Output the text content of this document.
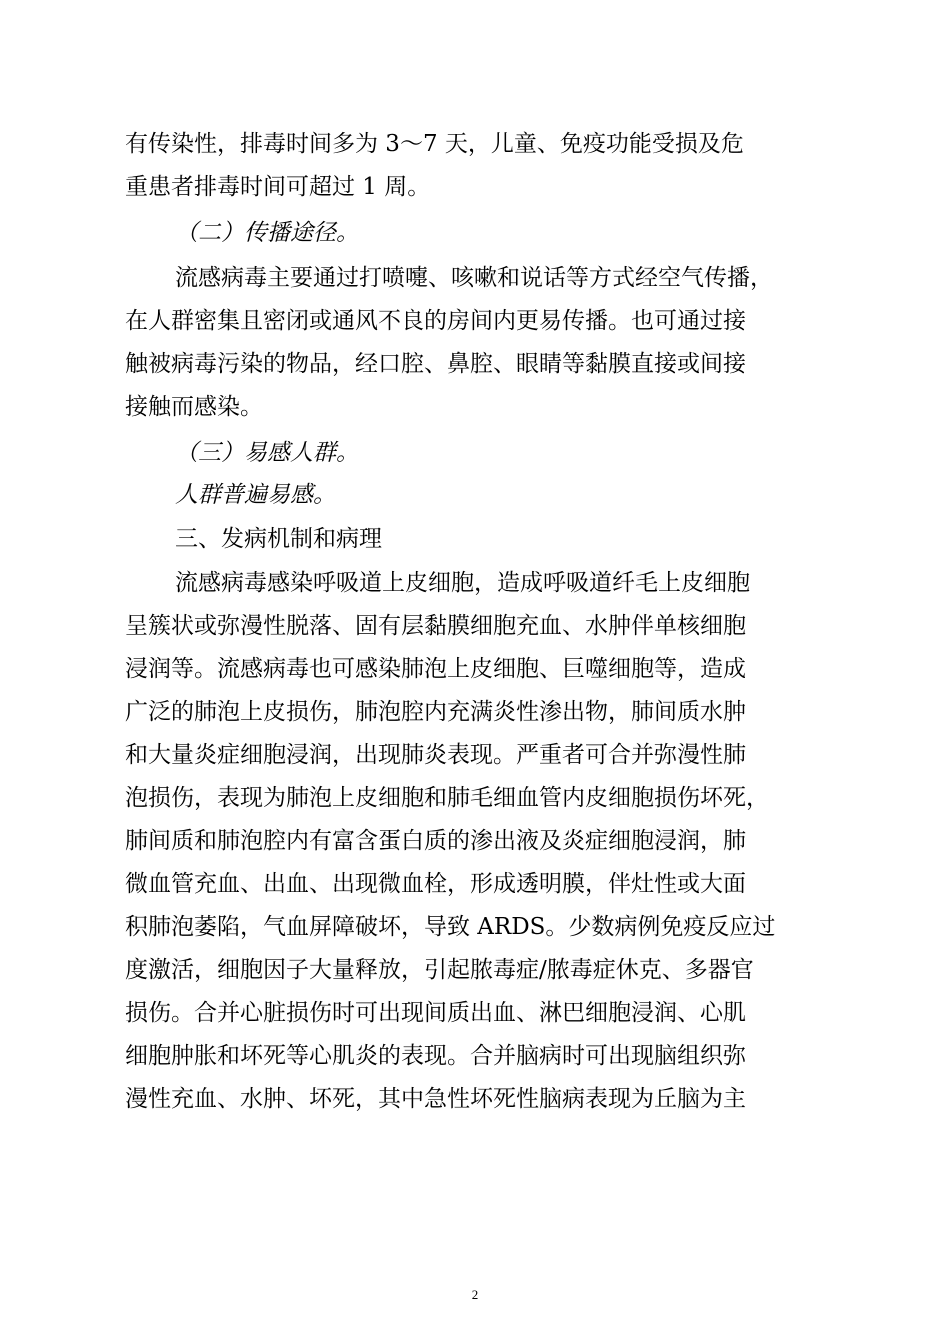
有传染性，排毒时间多为 3～7 天，儿童、免疫功能受损及危
重患者排毒时间可超过 1 周。
（二）传播途径。
流感病毒主要通过打喷嚏、咳嗽和说话等方式经空气传播，
在人群密集且密闭或通风不良的房间内更易传播。也可通过接
触被病毒污染的物品，经口腔、鼻腔、眼睛等黏膜直接或间接
接触而感染。
（三）易感人群。
人群普遍易感。
三、发病机制和病理
流感病毒感染呼吸道上皮细胞，造成呼吸道纤毛上皮细胞
呈簇状或弥漫性脱落、固有层黏膜细胞充血、水肿伴单核细胞
浸润等。流感病毒也可感染肺泡上皮细胞、巨噬细胞等，造成
广泛的肺泡上皮损伤，肺泡腔内充满炎性渗出物，肺间质水肿
和大量炎症细胞浸润，出现肺炎表现。严重者可合并弥漫性肺
泡损伤，表现为肺泡上皮细胞和肺毛细血管内皮细胞损伤坏死，
肺间质和肺泡腔内有富含蛋白质的渗出液及炎症细胞浸润，肺
微血管充血、出血、出现微血栓，形成透明膜，伴灶性或大面
积肺泡萎陷，气血屏障破坏，导致 ARDS。少数病例免疫反应过
度激活，细胞因子大量释放，引起脓毒症/脓毒症休克、多器官
损伤。合并心脏损伤时可出现间质出血、淋巴细胞浸润、心肌
细胞肿胀和坏死等心肌炎的表现。合并脑病时可出现脑组织弥
漫性充血、水肿、坏死，其中急性坏死性脑病表现为丘脑为主
2
